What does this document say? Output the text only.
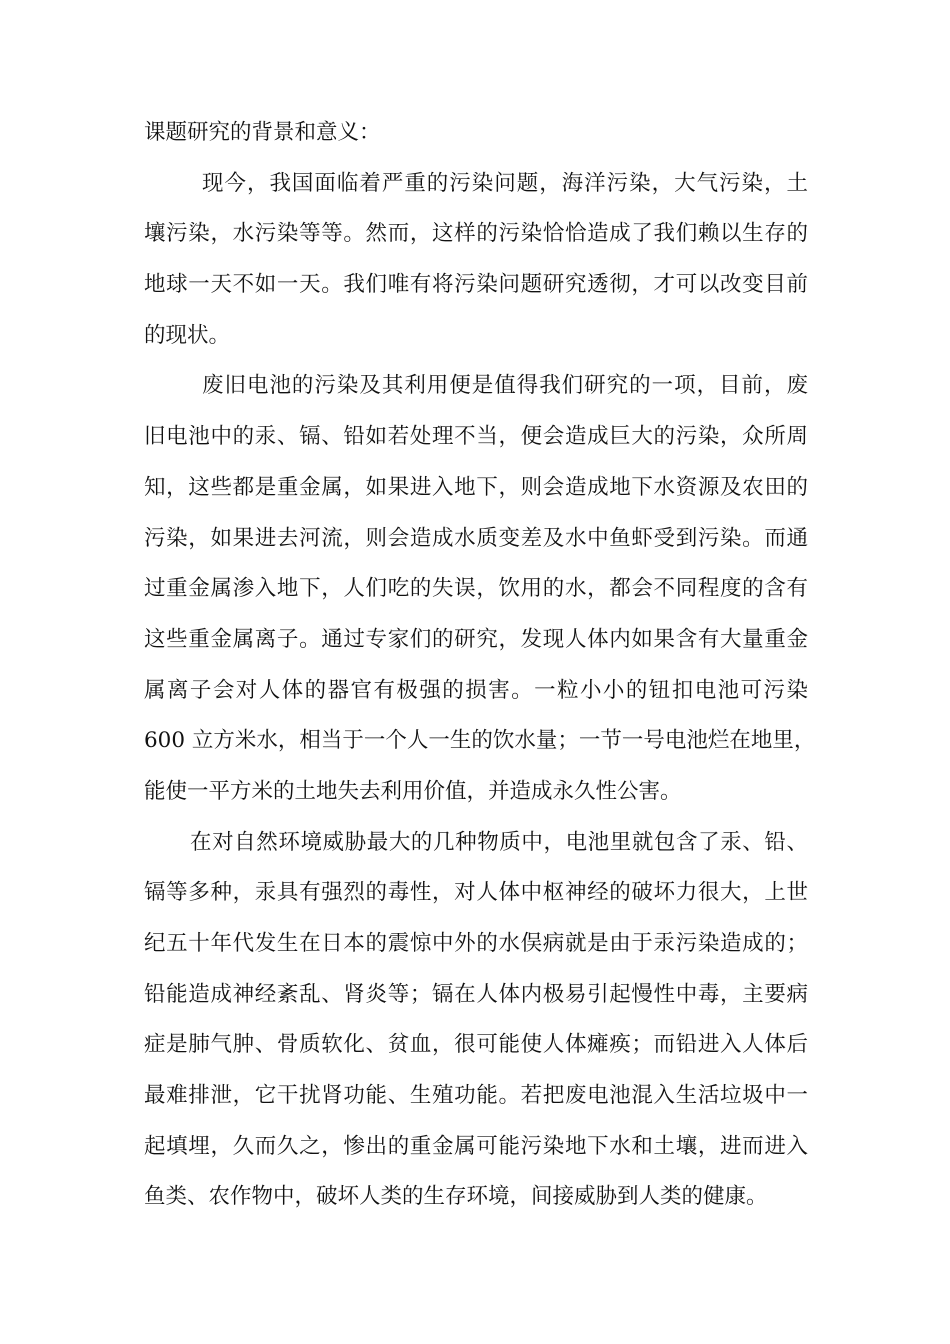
课题研究的背景和意义：
现今，我国面临着严重的污染问题，海洋污染，大气污染，土
壤污染，水污染等等。然而，这样的污染恰恰造成了我们赖以生存的
地球一天不如一天。我们唯有将污染问题研究透彻，才可以改变目前
的现状。
废旧电池的污染及其利用便是值得我们研究的一项，目前，废
旧电池中的汞、镉、铅如若处理不当，便会造成巨大的污染，众所周
知，这些都是重金属，如果进入地下，则会造成地下水资源及农田的
污染，如果进去河流，则会造成水质变差及水中鱼虾受到污染。而通
过重金属渗入地下，人们吃的失误，饮用的水，都会不同程度的含有
这些重金属离子。通过专家们的研究，发现人体内如果含有大量重金
属离子会对人体的器官有极强的损害。一粒小小的钮扣电池可污染
600 立方米水，相当于一个人一生的饮水量；一节一号电池烂在地里，
能使一平方米的土地失去利用价值，并造成永久性公害。
在对自然环境威胁最大的几种物质中，电池里就包含了汞、铅、
镉等多种，汞具有强烈的毒性，对人体中枢神经的破坏力很大，上世
纪五十年代发生在日本的震惊中外的水俣病就是由于汞污染造成的；
铅能造成神经紊乱、肾炎等；镉在人体内极易引起慢性中毒，主要病
症是肺气肿、骨质软化、贫血，很可能使人体瘫痪；而铅进入人体后
最难排泄，它干扰肾功能、生殖功能。若把废电池混入生活垃圾中一
起填埋，久而久之，惨出的重金属可能污染地下水和土壤，进而进入
鱼类、农作物中，破坏人类的生存环境，间接威胁到人类的健康。
